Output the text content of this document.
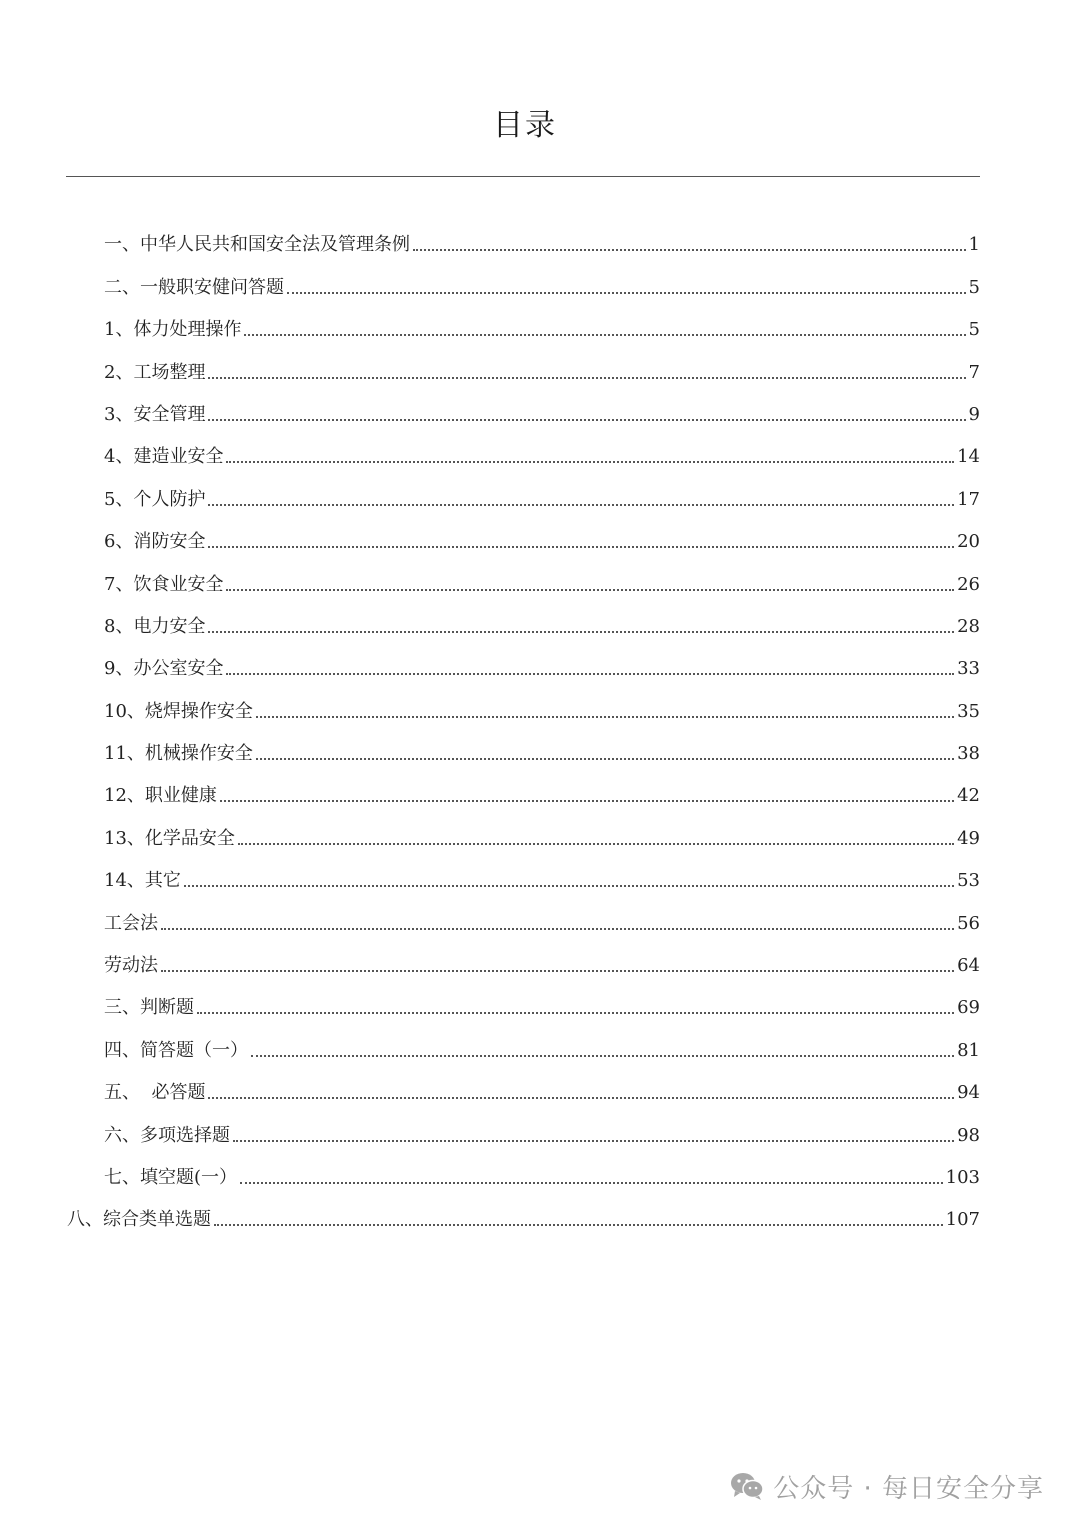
目录
一、中华人民共和国安全法及管理条例	1
二、一般职安健问答题	5
1、体力处理操作	5
2、工场整理	7
3、安全管理	9
4、建造业安全	14
5、个人防护	17
6、消防安全	20
7、饮食业安全	26
8、电力安全	28
9、办公室安全	33
10、烧焊操作安全	35
11、机械操作安全	38
12、职业健康	42
13、化学品安全	49
14、其它	53
工会法	56
劳动法	64
三、判断题	69
四、简答题（一）	81
五、  必答题	94
六、多项选择题	98
七、填空题(一）	103
八、综合类单选题	107
公众号 · 每日安全分享
